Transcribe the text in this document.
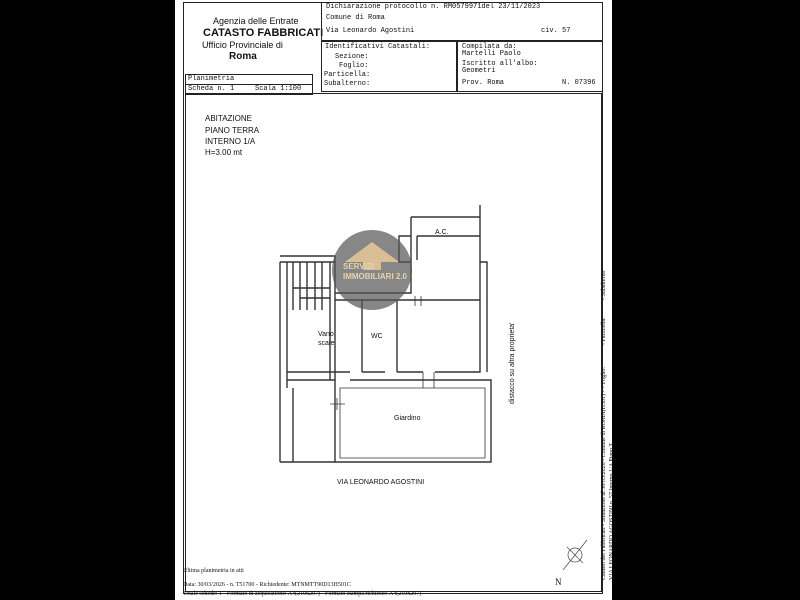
Agenzia delle Entrate
CATASTO FABBRICATI
Ufficio Provinciale di
Roma
Dichiarazione protocollo n. RM0579971del 23/11/2023
Comune di Roma
Via Leonardo Agostini	civ. 57
Identificativi Catastali:
Sezione:
Foglio:
Particella:
Subalterno:
Compilata da:
Martelli Paolo
Iscritto all'albo:
Geometri
Prov. Roma	N. 07396
Planimetria
Scheda n. 1	Scala 1:100
ABITAZIONE
PIANO TERRA
INTERNO 1/A
H=3.00 mt
SERVIZI
IMMOBILIARI 2.0
A.C.
Vano
scale
WC
Giardino
VIA LEONARDO AGOSTINI
distacco su altra proprieta'
N
Ultima planimetria in atti
Data: 30/03/2026 - n. T51700 - Richiedente: MTNMTT90D13H501C
Totale schede: 1 - Formato di acquisizione: A4(210x297) - Formato stampa richiesto: A4(210x297)
Catasto dei Fabbricati - Situazione al 30/03/2026 - Comune di ROMA(H501) - < Foglio: VIA LEONARDO AGOSTINI n. 57 Interno 1/A Piano T
- Particella:
- Subalterno
